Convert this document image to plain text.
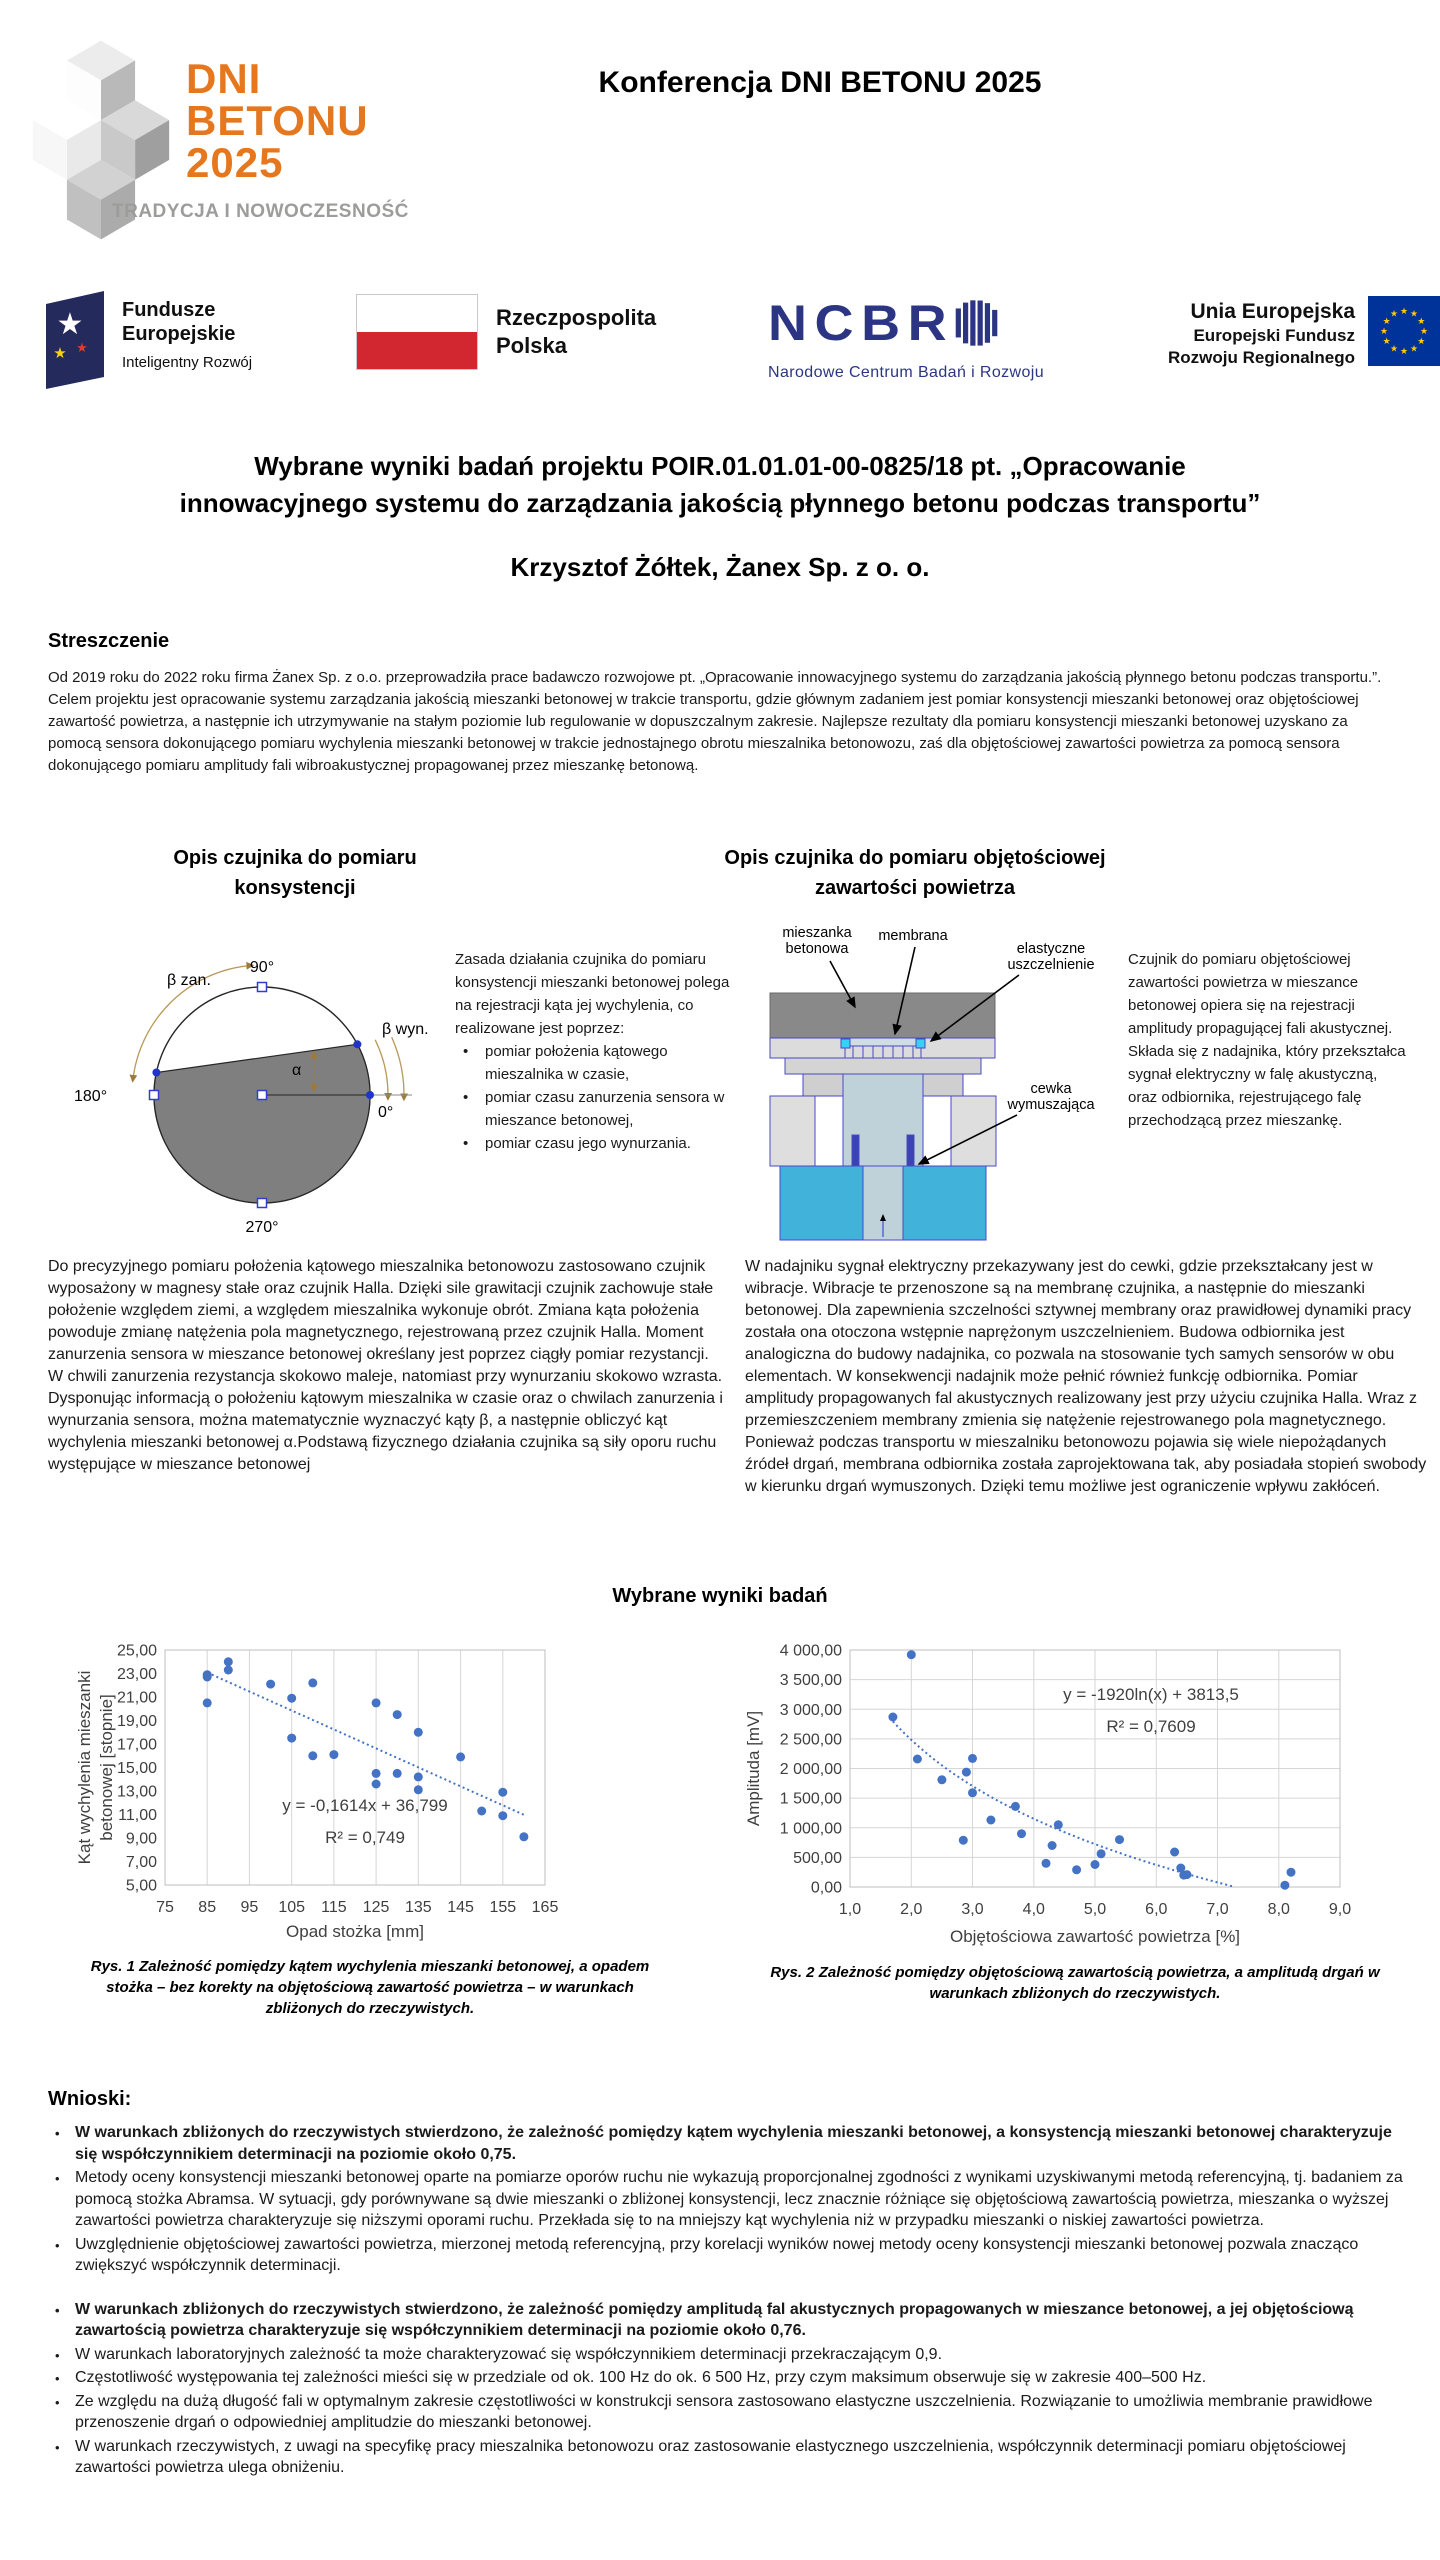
DNI
BETONU
2025
TRADYCJA I NOWOCZESNOŚĆ
Konferencja DNI BETONU 2025
★
★ ★
Fundusze
Europejskie
Inteligentny Rozwój
Rzeczpospolita
Polska	NCBR
Narodowe Centrum Badań i Rozwoju
Unia Europejska
Europejski Fundusz
Rozwoju Regionalnego
★ ★
★
★
★
★
★
★
★
★
★
★
Wybrane wyniki badań projektu POIR.01.01.01-00-0825/18 pt. „Opracowanie
innowacyjnego systemu do zarządzania jakością płynnego betonu podczas transportu”
Krzysztof Żółtek, Żanex Sp. z o. o.
Streszczenie
Od 2019 roku do 2022 roku firma Żanex Sp. z o.o. przeprowadziła prace badawczo rozwojowe pt. „Opracowanie innowacyjnego systemu do zarządzania jakością płynnego betonu podczas transportu.”. Celem projektu jest opracowanie systemu zarządzania jakością mieszanki betonowej w trakcie transportu, gdzie głównym zadaniem jest pomiar konsystencji mieszanki betonowej oraz objętościowej zawartość powietrza, a następnie ich utrzymywanie na stałym poziomie lub regulowanie w dopuszczalnym zakresie. Najlepsze rezultaty dla pomiaru konsystencji mieszanki betonowej uzyskano za pomocą sensora dokonującego pomiaru wychylenia mieszanki betonowej w trakcie jednostajnego obrotu mieszalnika betonowozu, zaś dla objętościowej zawartości powietrza za pomocą sensora dokonującego pomiaru amplitudy fali wibroakustycznej propagowanej przez mieszankę betonową.
Opis czujnika do pomiaru
konsystencji
Opis czujnika do pomiaru objętościowej
zawartości powietrza
β zan.
90°
β wyn.
α
180°
0°
270°
Zasada działania czujnika do pomiaru konsystencji mieszanki betonowej polega na rejestracji kąta jej wychylenia, co realizowane jest poprzez:
• pomiar położenia kątowego mieszalnika w czasie,
• pomiar czasu zanurzenia sensora w mieszance betonowej,
• pomiar czasu jego wynurzania.
mieszanka
betonowa
membrana
elastyczne
uszczelnienie
cewka
wymuszająca
Czujnik do pomiaru objętościowej zawartości powietrza w mieszance betonowej opiera się na rejestracji amplitudy propagującej fali akustycznej. Składa się z nadajnika, który przekształca sygnał elektryczny w falę akustyczną, oraz odbiornika, rejestrującego falę przechodzącą przez mieszankę.
Do precyzyjnego pomiaru położenia kątowego mieszalnika betonowozu zastosowano czujnik wyposażony w magnesy stałe oraz czujnik Halla. Dzięki sile grawitacji czujnik zachowuje stałe położenie względem ziemi, a względem mieszalnika wykonuje obrót. Zmiana kąta położenia powoduje zmianę natężenia pola magnetycznego, rejestrowaną przez czujnik Halla. Moment zanurzenia sensora w mieszance betonowej określany jest poprzez ciągły pomiar rezystancji. W chwili zanurzenia rezystancja skokowo maleje, natomiast przy wynurzaniu skokowo wzrasta. Dysponując informacją o położeniu kątowym mieszalnika w czasie oraz o chwilach zanurzenia i wynurzania sensora, można matematycznie wyznaczyć kąty β, a następnie obliczyć kąt wychylenia mieszanki betonowej α.Podstawą fizycznego działania czujnika są siły oporu ruchu występujące w mieszance betonowej
W nadajniku sygnał elektryczny przekazywany jest do cewki, gdzie przekształcany jest w wibracje. Wibracje te przenoszone są na membranę czujnika, a następnie do mieszanki betonowej. Dla zapewnienia szczelności sztywnej membrany oraz prawidłowej dynamiki pracy została ona otoczona wstępnie naprężonym uszczelnieniem. Budowa odbiornika jest analogiczna do budowy nadajnika, co pozwala na stosowanie tych samych sensorów w obu elementach. W konsekwencji nadajnik może pełnić również funkcję odbiornika. Pomiar amplitudy propagowanych fal akustycznych realizowany jest przy użyciu czujnika Halla. Wraz z przemieszczeniem membrany zmienia się natężenie rejestrowanego pola magnetycznego. Ponieważ podczas transportu w mieszalniku betonowozu pojawia się wiele niepożądanych źródeł drgań, membrana odbiornika została zaprojektowana tak, aby posiadała stopień swobody w kierunku drgań wymuszonych. Dzięki temu możliwe jest ograniczenie wpływu zakłóceń.
Wybrane wyniki badań
5,00
7,00
9,00
11,00
13,00
15,00
17,00
19,00
21,00
23,00
25,00
75 85 95 105 115 125 135 145 155 165
y = -0,1614x + 36,799
R² = 0,749
Opad stożka [mm]
Kąt wychylenia mieszanki betonowej [stopnie]
0,00
500,00
1 000,00
1 500,00
2 000,00
2 500,00
3 000,00
3 500,00
4 000,00
1,0 2,0 3,0 4,0 5,0 6,0 7,0 8,0 9,0
y = -1920ln(x) + 3813,5
R² = 0,7609
Objętościowa zawartość powietrza [%]
Amplituda [mV]
Rys. 1 Zależność pomiędzy kątem wychylenia mieszanki betonowej, a opadem stożka – bez korekty na objętościową zawartość powietrza – w warunkach zbliżonych do rzeczywistych.
Rys. 2 Zależność pomiędzy objętościową zawartością powietrza, a amplitudą drgań w warunkach zbliżonych do rzeczywistych.
Wnioski:
• W warunkach zbliżonych do rzeczywistych stwierdzono, że zależność pomiędzy kątem wychylenia mieszanki betonowej, a konsystencją mieszanki betonowej charakteryzuje się współczynnikiem determinacji na poziomie około 0,75.
• Metody oceny konsystencji mieszanki betonowej oparte na pomiarze oporów ruchu nie wykazują proporcjonalnej zgodności z wynikami uzyskiwanymi metodą referencyjną, tj. badaniem za pomocą stożka Abramsa. W sytuacji, gdy porównywane są dwie mieszanki o zbliżonej konsystencji, lecz znacznie różniące się objętościową zawartością powietrza, mieszanka o wyższej zawartości powietrza charakteryzuje się niższymi oporami ruchu. Przekłada się to na mniejszy kąt wychylenia niż w przypadku mieszanki o niskiej zawartości powietrza.
• Uwzględnienie objętościowej zawartości powietrza, mierzonej metodą referencyjną, przy korelacji wyników nowej metody oceny konsystencji mieszanki betonowej pozwala znacząco zwiększyć współczynnik determinacji.
• W warunkach zbliżonych do rzeczywistych stwierdzono, że zależność pomiędzy amplitudą fal akustycznych propagowanych w mieszance betonowej, a jej objętościową zawartością powietrza charakteryzuje się współczynnikiem determinacji na poziomie około 0,76.
• W warunkach laboratoryjnych zależność ta może charakteryzować się współczynnikiem determinacji przekraczającym 0,9.
• Częstotliwość występowania tej zależności mieści się w przedziale od ok. 100 Hz do ok. 6 500 Hz, przy czym maksimum obserwuje się w zakresie 400–500 Hz.
• Ze względu na dużą długość fali w optymalnym zakresie częstotliwości w konstrukcji sensora zastosowano elastyczne uszczelnienia. Rozwiązanie to umożliwia membranie prawidłowe przenoszenie drgań o odpowiedniej amplitudzie do mieszanki betonowej.
• W warunkach rzeczywistych, z uwagi na specyfikę pracy mieszalnika betonowozu oraz zastosowanie elastycznego uszczelnienia, współczynnik determinacji pomiaru objętościowej zawartości powietrza ulega obniżeniu.
